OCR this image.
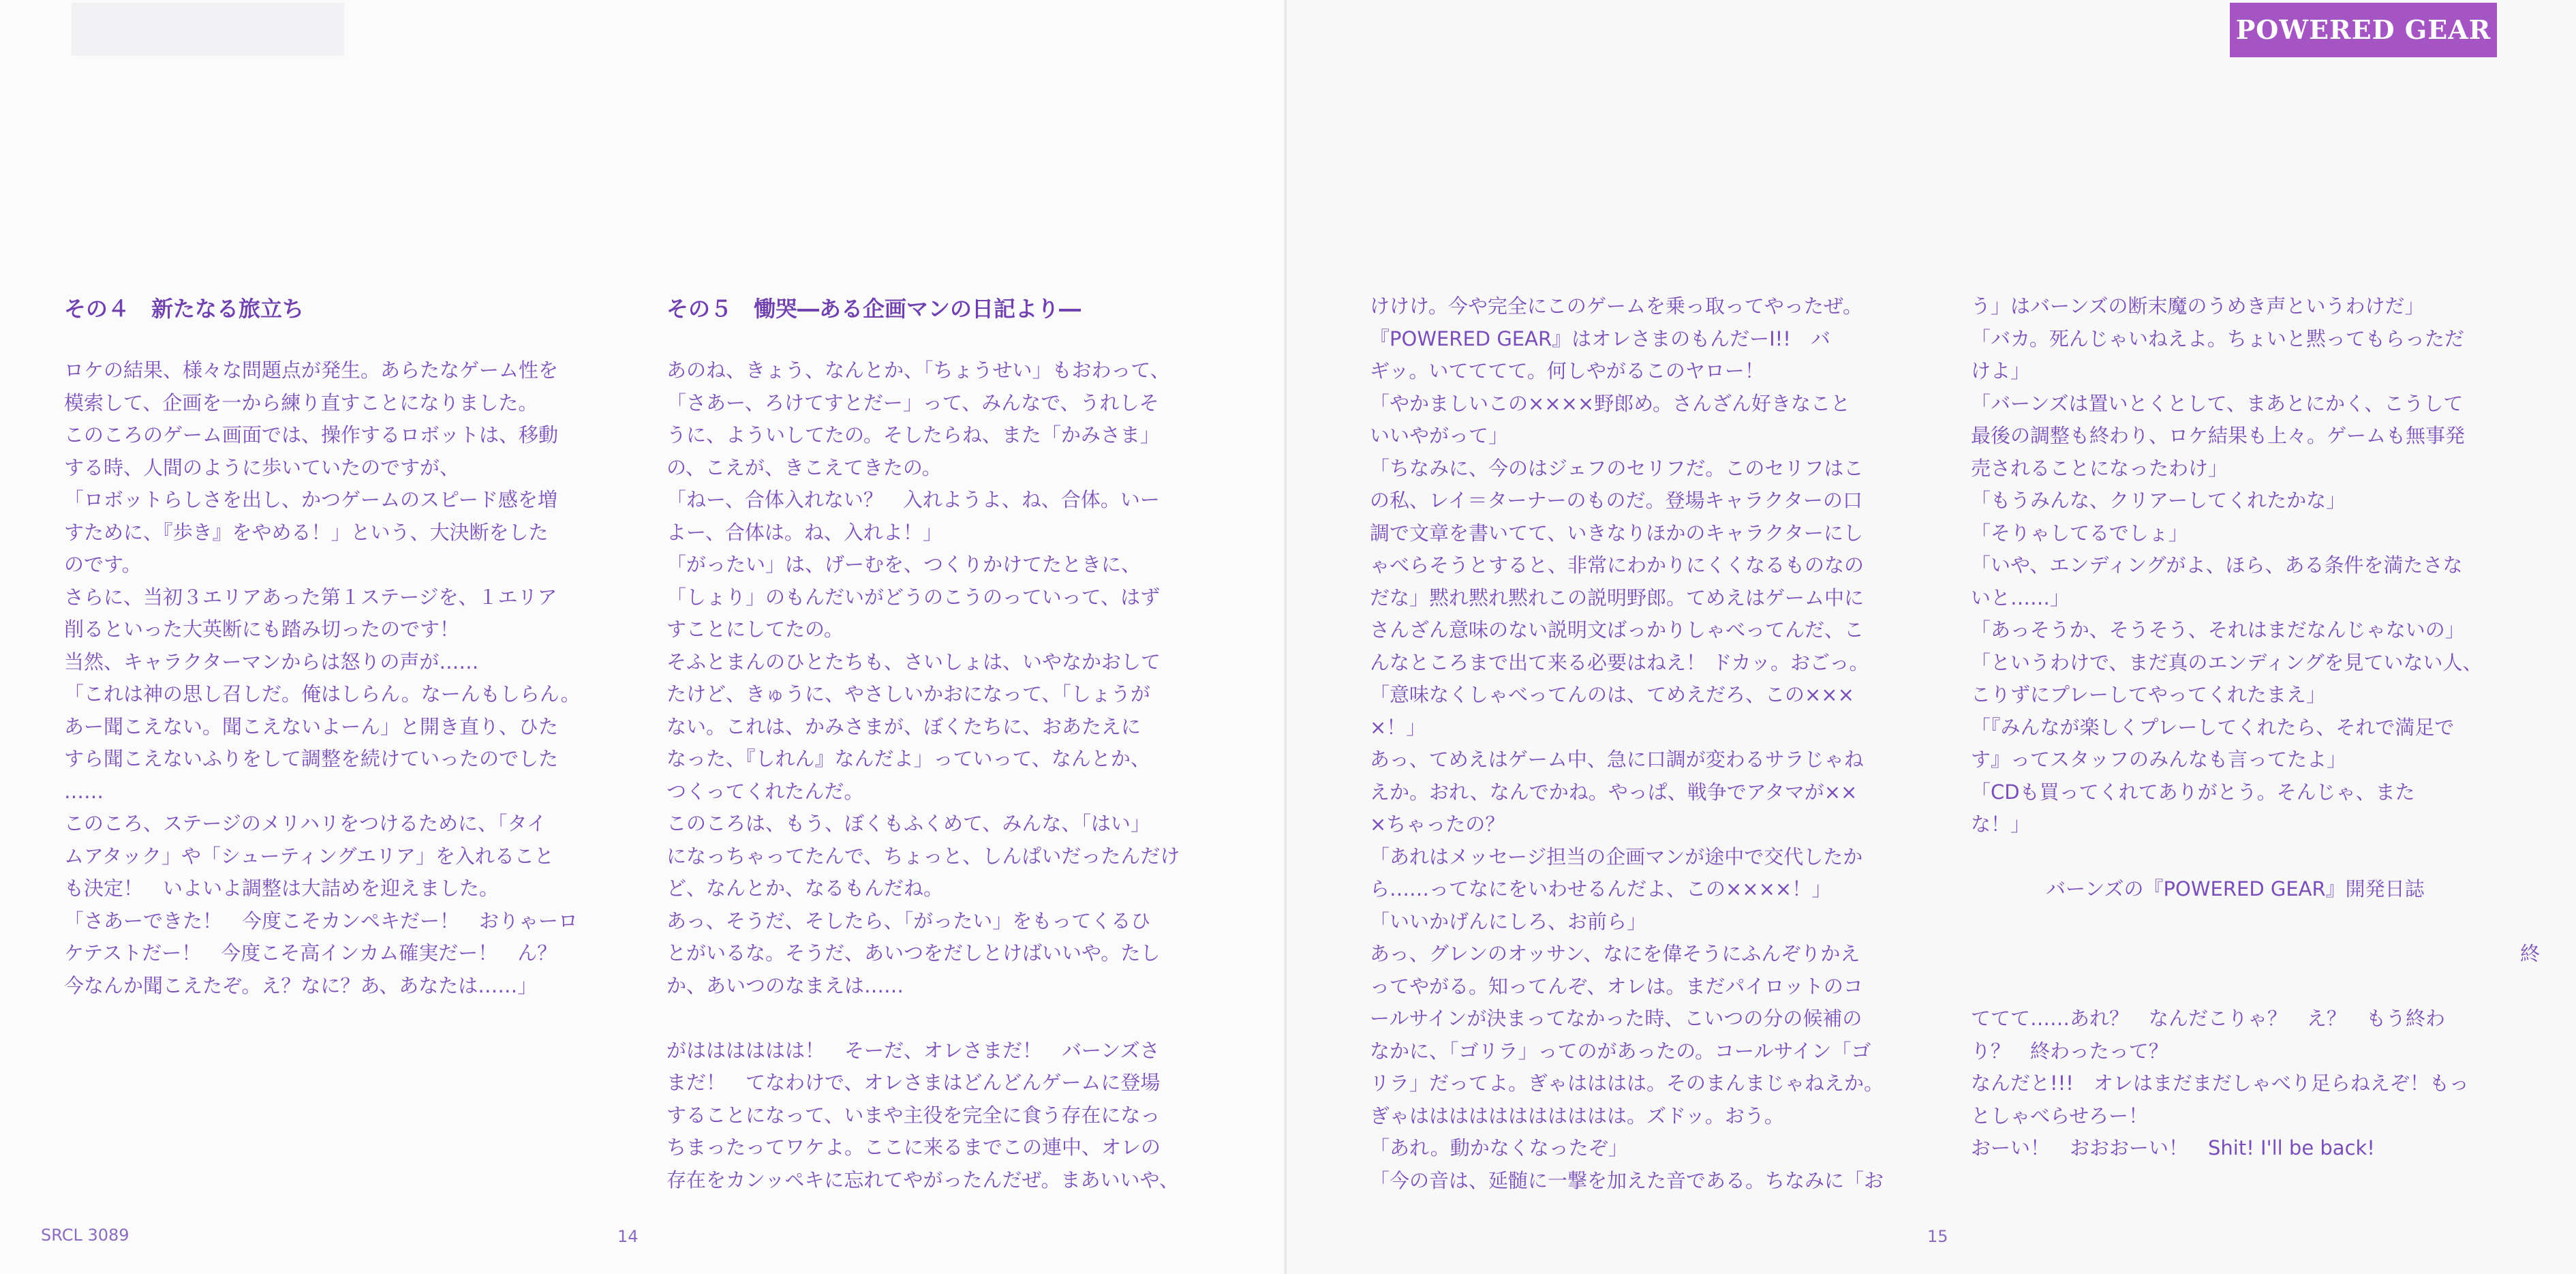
POWERED GEAR
その４　新たなる旅立ち
ロケの結果、様々な問題点が発生。あらたなゲーム性を
模索して、企画を一から練り直すことになりました。
このころのゲーム画面では、操作するロボットは、移動
する時、人間のように歩いていたのですが、
「ロボットらしさを出し、かつゲームのスピード感を増
すために、『歩き』をやめる！」という、大決断をした
のです。
さらに、当初３エリアあった第１ステージを、１エリア
削るといった大英断にも踏み切ったのです！
当然、キャラクターマンからは怒りの声が……
「これは神の思し召しだ。俺はしらん。なーんもしらん。
あー聞こえない。聞こえないよーん」と開き直り、ひた
すら聞こえないふりをして調整を続けていったのでした
……
このころ、ステージのメリハリをつけるために、「タイ
ムアタック」や「シューティングエリア」を入れること
も決定！　いよいよ調整は大詰めを迎えました。
「さあーできた！　今度こそカンペキだー！　おりゃーロ
ケテストだー！　今度こそ高インカム確実だー！　ん？
今なんか聞こえたぞ。え？なに？あ、あなたは……」
その５　慟哭―ある企画マンの日記より―
あのね、きょう、なんとか、「ちょうせい」もおわって、
「さあー、ろけてすとだー」って、みんなで、うれしそ
うに、よういしてたの。そしたらね、また「かみさま」
の、こえが、きこえてきたの。
「ねー、合体入れない？　入れようよ、ね、合体。いー
よー、合体は。ね、入れよ！」
「がったい」は、げーむを、つくりかけてたときに、
「しょり」のもんだいがどうのこうのっていって、はず
すことにしてたの。
そふとまんのひとたちも、さいしょは、いやなかおして
たけど、きゅうに、やさしいかおになって、「しょうが
ない。これは、かみさまが、ぼくたちに、おあたえに
なった、『しれん』なんだよ」っていって、なんとか、
つくってくれたんだ。
このころは、もう、ぼくもふくめて、みんな、「はい」
になっちゃってたんで、ちょっと、しんぱいだったんだけ
ど、なんとか、なるもんだね。
あっ、そうだ、そしたら、「がったい」をもってくるひ
とがいるな。そうだ、あいつをだしとけばいいや。たし
か、あいつのなまえは……
がはははははは！　そーだ、オレさまだ！　バーンズさ
まだ！　てなわけで、オレさまはどんどんゲームに登場
することになって、いまや主役を完全に食う存在になっ
ちまったってワケよ。ここに来るまでこの連中、オレの
存在をカンッペキに忘れてやがったんだぜ。まあいいや、
SRCL 3089	14	15
POWERED GEAR
けけけ。今や完全にこのゲームを乗っ取ってやったぜ。
『POWERED GEAR』はオレさまのもんだーΙ!!　バ
ギッ。いてててて。何しやがるこのヤロー！
「やかましいこの××××野郎め。さんざん好きなこと
いいやがって」
「ちなみに、今のはジェフのセリフだ。このセリフはこ
の私、レイ＝ターナーのものだ。登場キャラクターの口
調で文章を書いてて、いきなりほかのキャラクターにし
ゃべらそうとすると、非常にわかりにくくなるものなの
だな」黙れ黙れ黙れこの説明野郎。てめえはゲーム中に
さんざん意味のない説明文ばっかりしゃべってんだ、こ
んなところまで出て来る必要はねえ！ ドカッ。おごっ。
「意味なくしゃべってんのは、てめえだろ、この×××
×！」
あっ、てめえはゲーム中、急に口調が変わるサラじゃね
えか。おれ、なんでかね。やっぱ、戦争でアタマが××
×ちゃったの？
「あれはメッセージ担当の企画マンが途中で交代したか
ら……ってなにをいわせるんだよ、この××××！」
「いいかげんにしろ、お前ら」
あっ、グレンのオッサン、なにを偉そうにふんぞりかえ
ってやがる。知ってんぞ、オレは。まだパイロットのコ
ールサインが決まってなかった時、こいつの分の候補の
なかに、「ゴリラ」ってのがあったの。コールサイン「ゴ
リラ」だってよ。ぎゃはははは。そのまんまじゃねえか。
ぎゃははははははははははは。ズドッ。おう。
「あれ。動かなくなったぞ」
「今の音は、延髄に一撃を加えた音である。ちなみに「お
う」はバーンズの断末魔のうめき声というわけだ」
「バカ。死んじゃいねえよ。ちょいと黙ってもらっただ
けよ」
「バーンズは置いとくとして、まあとにかく、こうして
最後の調整も終わり、ロケ結果も上々。ゲームも無事発
売されることになったわけ」
「もうみんな、クリアーしてくれたかな」
「そりゃしてるでしょ」
「いや、エンディングがよ、ほら、ある条件を満たさな
いと……」
「あっそうか、そうそう、それはまだなんじゃないの」
「というわけで、まだ真のエンディングを見ていない人、
こりずにプレーしてやってくれたまえ」
「『みんなが楽しくプレーしてくれたら、それで満足で
す』ってスタッフのみんなも言ってたよ」
「CDも買ってくれてありがとう。そんじゃ、また
な！」
バーンズの『POWERED GEAR』開発日誌
終
ててて……あれ？　なんだこりゃ？　え？　もう終わ
り？　終わったって？
なんだと!!!　オレはまだまだしゃべり足らねえぞ！もっ
としゃべらせろー！
おーい！　おおおーい！　Shit! I'll be back!
